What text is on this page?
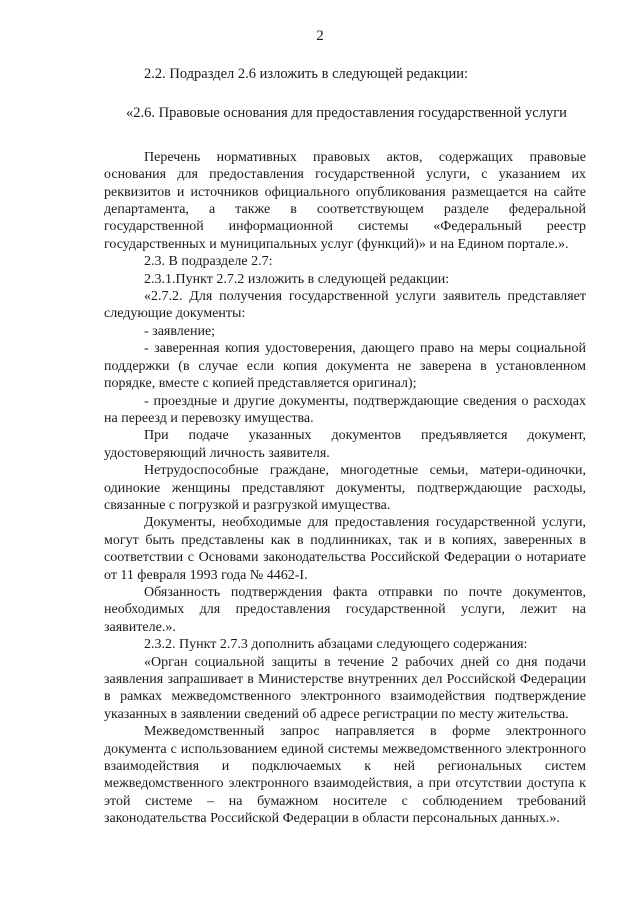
2

2.2. Подраздел 2.6 изложить в следующей редакции:

«2.6. Правовые основания для предоставления государственной услуги

Перечень нормативных правовых актов, содержащих правовые основания для предоставления государственной услуги, с указанием их реквизитов и источников официального опубликования размещается на сайте департамента, а также в соответствующем разделе федеральной государственной информационной системы «Федеральный реестр государственных и муниципальных услуг (функций)» и на Едином портале.».

2.3. В подразделе 2.7:

2.3.1.Пункт 2.7.2 изложить в следующей редакции:

«2.7.2. Для получения государственной услуги заявитель представляет следующие документы:

- заявление;

- заверенная копия удостоверения, дающего право на меры социальной поддержки (в случае если копия документа не заверена в установленном порядке, вместе с копией представляется оригинал);

- проездные и другие документы, подтверждающие сведения о расходах на переезд и перевозку имущества.

При подаче указанных документов предъявляется документ, удостоверяющий личность заявителя.

Нетрудоспособные граждане, многодетные семьи, матери-одиночки, одинокие женщины представляют документы, подтверждающие расходы, связанные с погрузкой и разгрузкой имущества.

Документы, необходимые для предоставления государственной услуги, могут быть представлены как в подлинниках, так и в копиях, заверенных в соответствии с Основами законодательства Российской Федерации о нотариате от 11 февраля 1993 года № 4462-I.

Обязанность подтверждения факта отправки по почте документов, необходимых для предоставления государственной услуги, лежит на заявителе.».

2.3.2. Пункт 2.7.3 дополнить абзацами следующего содержания:

«Орган социальной защиты в течение 2 рабочих дней со дня подачи заявления запрашивает в Министерстве внутренних дел Российской Федерации в рамках межведомственного электронного взаимодействия подтверждение указанных в заявлении сведений об адресе регистрации по месту жительства.

Межведомственный запрос направляется в форме электронного документа с использованием единой системы межведомственного электронного взаимодействия и подключаемых к ней региональных систем межведомственного электронного взаимодействия, а при отсутствии доступа к этой системе – на бумажном носителе с соблюдением требований законодательства Российской Федерации в области персональных данных.».
